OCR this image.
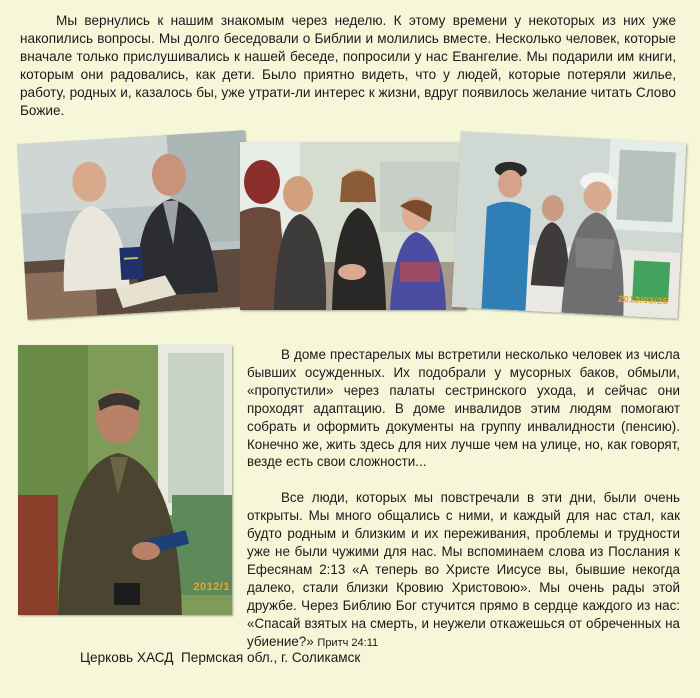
Мы вернулись к нашим знакомым через неделю. К этому времени у некоторых из них уже накопились вопросы. Мы долго беседовали о Библии и молились вместе. Несколько человек, которые вначале только прислушивались к нашей беседе, попросили у нас Евангелие. Мы подарили им книги, которым они радовались, как дети. Было приятно видеть, что у людей, которые потеряли жилье, работу, родных и, казалось бы, уже утрати-ли интерес к жизни, вдруг появилось желание читать Слово Божие.

2012/02/25
2012/1

В доме престарелых мы встретили несколько человек из числа бывших осужденных. Их подобрали у мусорных баков, обмыли, «пропустили» через палаты сестринского ухода, и сейчас они проходят адаптацию. В доме инвалидов этим людям помогают собрать и оформить документы на группу инвалидности (пенсию). Конечно же, жить здесь для них лучше чем на улице, но, как говорят, везде есть свои сложности...

Все люди, которых мы повстречали в эти дни, были очень открыты. Мы много общались с ними, и каждый для нас стал, как будто родным и близким и их переживания, проблемы и трудности уже не были чужими для нас. Мы вспоминаем слова из Послания к Ефесянам 2:13 «А теперь во Христе Иисусе вы, бывшие некогда далеко, стали близки Кровию Христовою». Мы очень рады этой дружбе. Через Библию Бог стучится прямо в сердце каждого из нас: «Спасай взятых на смерть, и неужели откажешься от обреченных на убиение?» Притч 24:11

Церковь ХАСД  Пермская обл., г. Соликамск
